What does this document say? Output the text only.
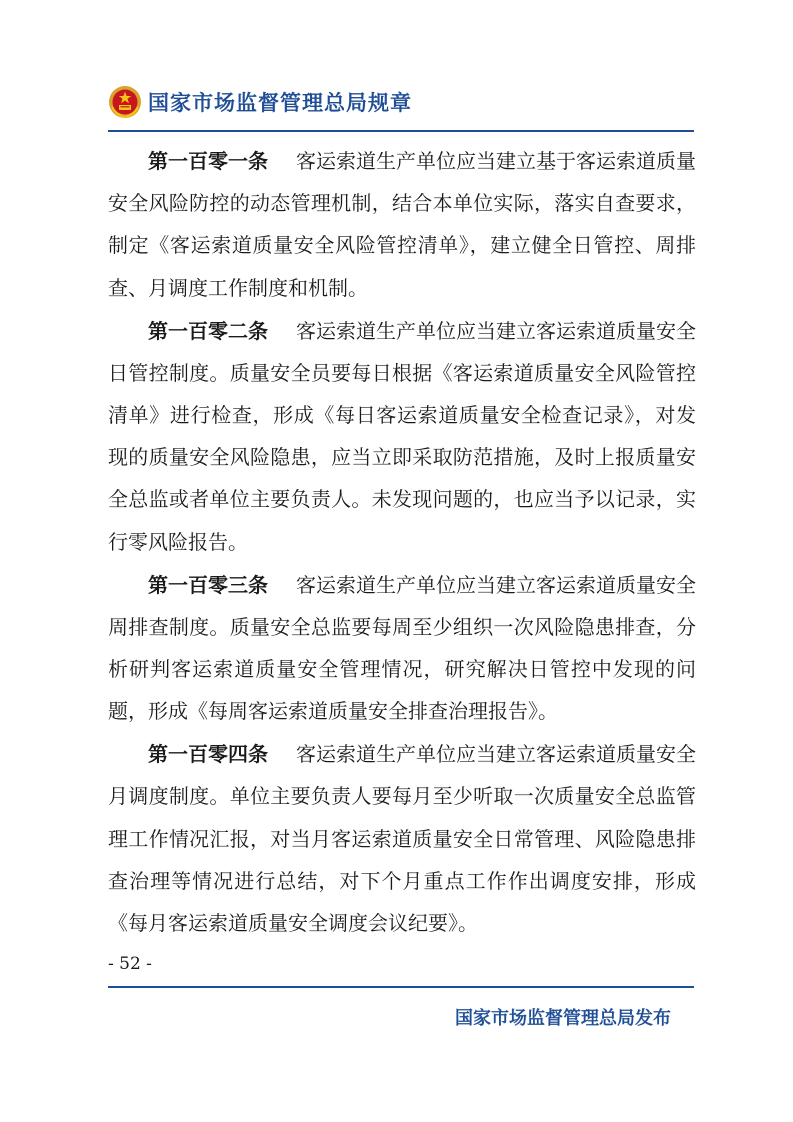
国家市场监督管理总局规章

第一百零一条 客运索道生产单位应当建立基于客运索道质量安全风险防控的动态管理机制，结合本单位实际，落实自查要求，制定《客运索道质量安全风险管控清单》，建立健全日管控、周排查、月调度工作制度和机制。

第一百零二条 客运索道生产单位应当建立客运索道质量安全日管控制度。质量安全员要每日根据《客运索道质量安全风险管控清单》进行检查，形成《每日客运索道质量安全检查记录》，对发现的质量安全风险隐患，应当立即采取防范措施，及时上报质量安全总监或者单位主要负责人。未发现问题的，也应当予以记录，实行零风险报告。

第一百零三条 客运索道生产单位应当建立客运索道质量安全周排查制度。质量安全总监要每周至少组织一次风险隐患排查，分析研判客运索道质量安全管理情况，研究解决日管控中发现的问题，形成《每周客运索道质量安全排查治理报告》。

第一百零四条 客运索道生产单位应当建立客运索道质量安全月调度制度。单位主要负责人要每月至少听取一次质量安全总监管理工作情况汇报，对当月客运索道质量安全日常管理、风险隐患排查治理等情况进行总结，对下个月重点工作作出调度安排，形成《每月客运索道质量安全调度会议纪要》。

- 52 -
国家市场监督管理总局发布
